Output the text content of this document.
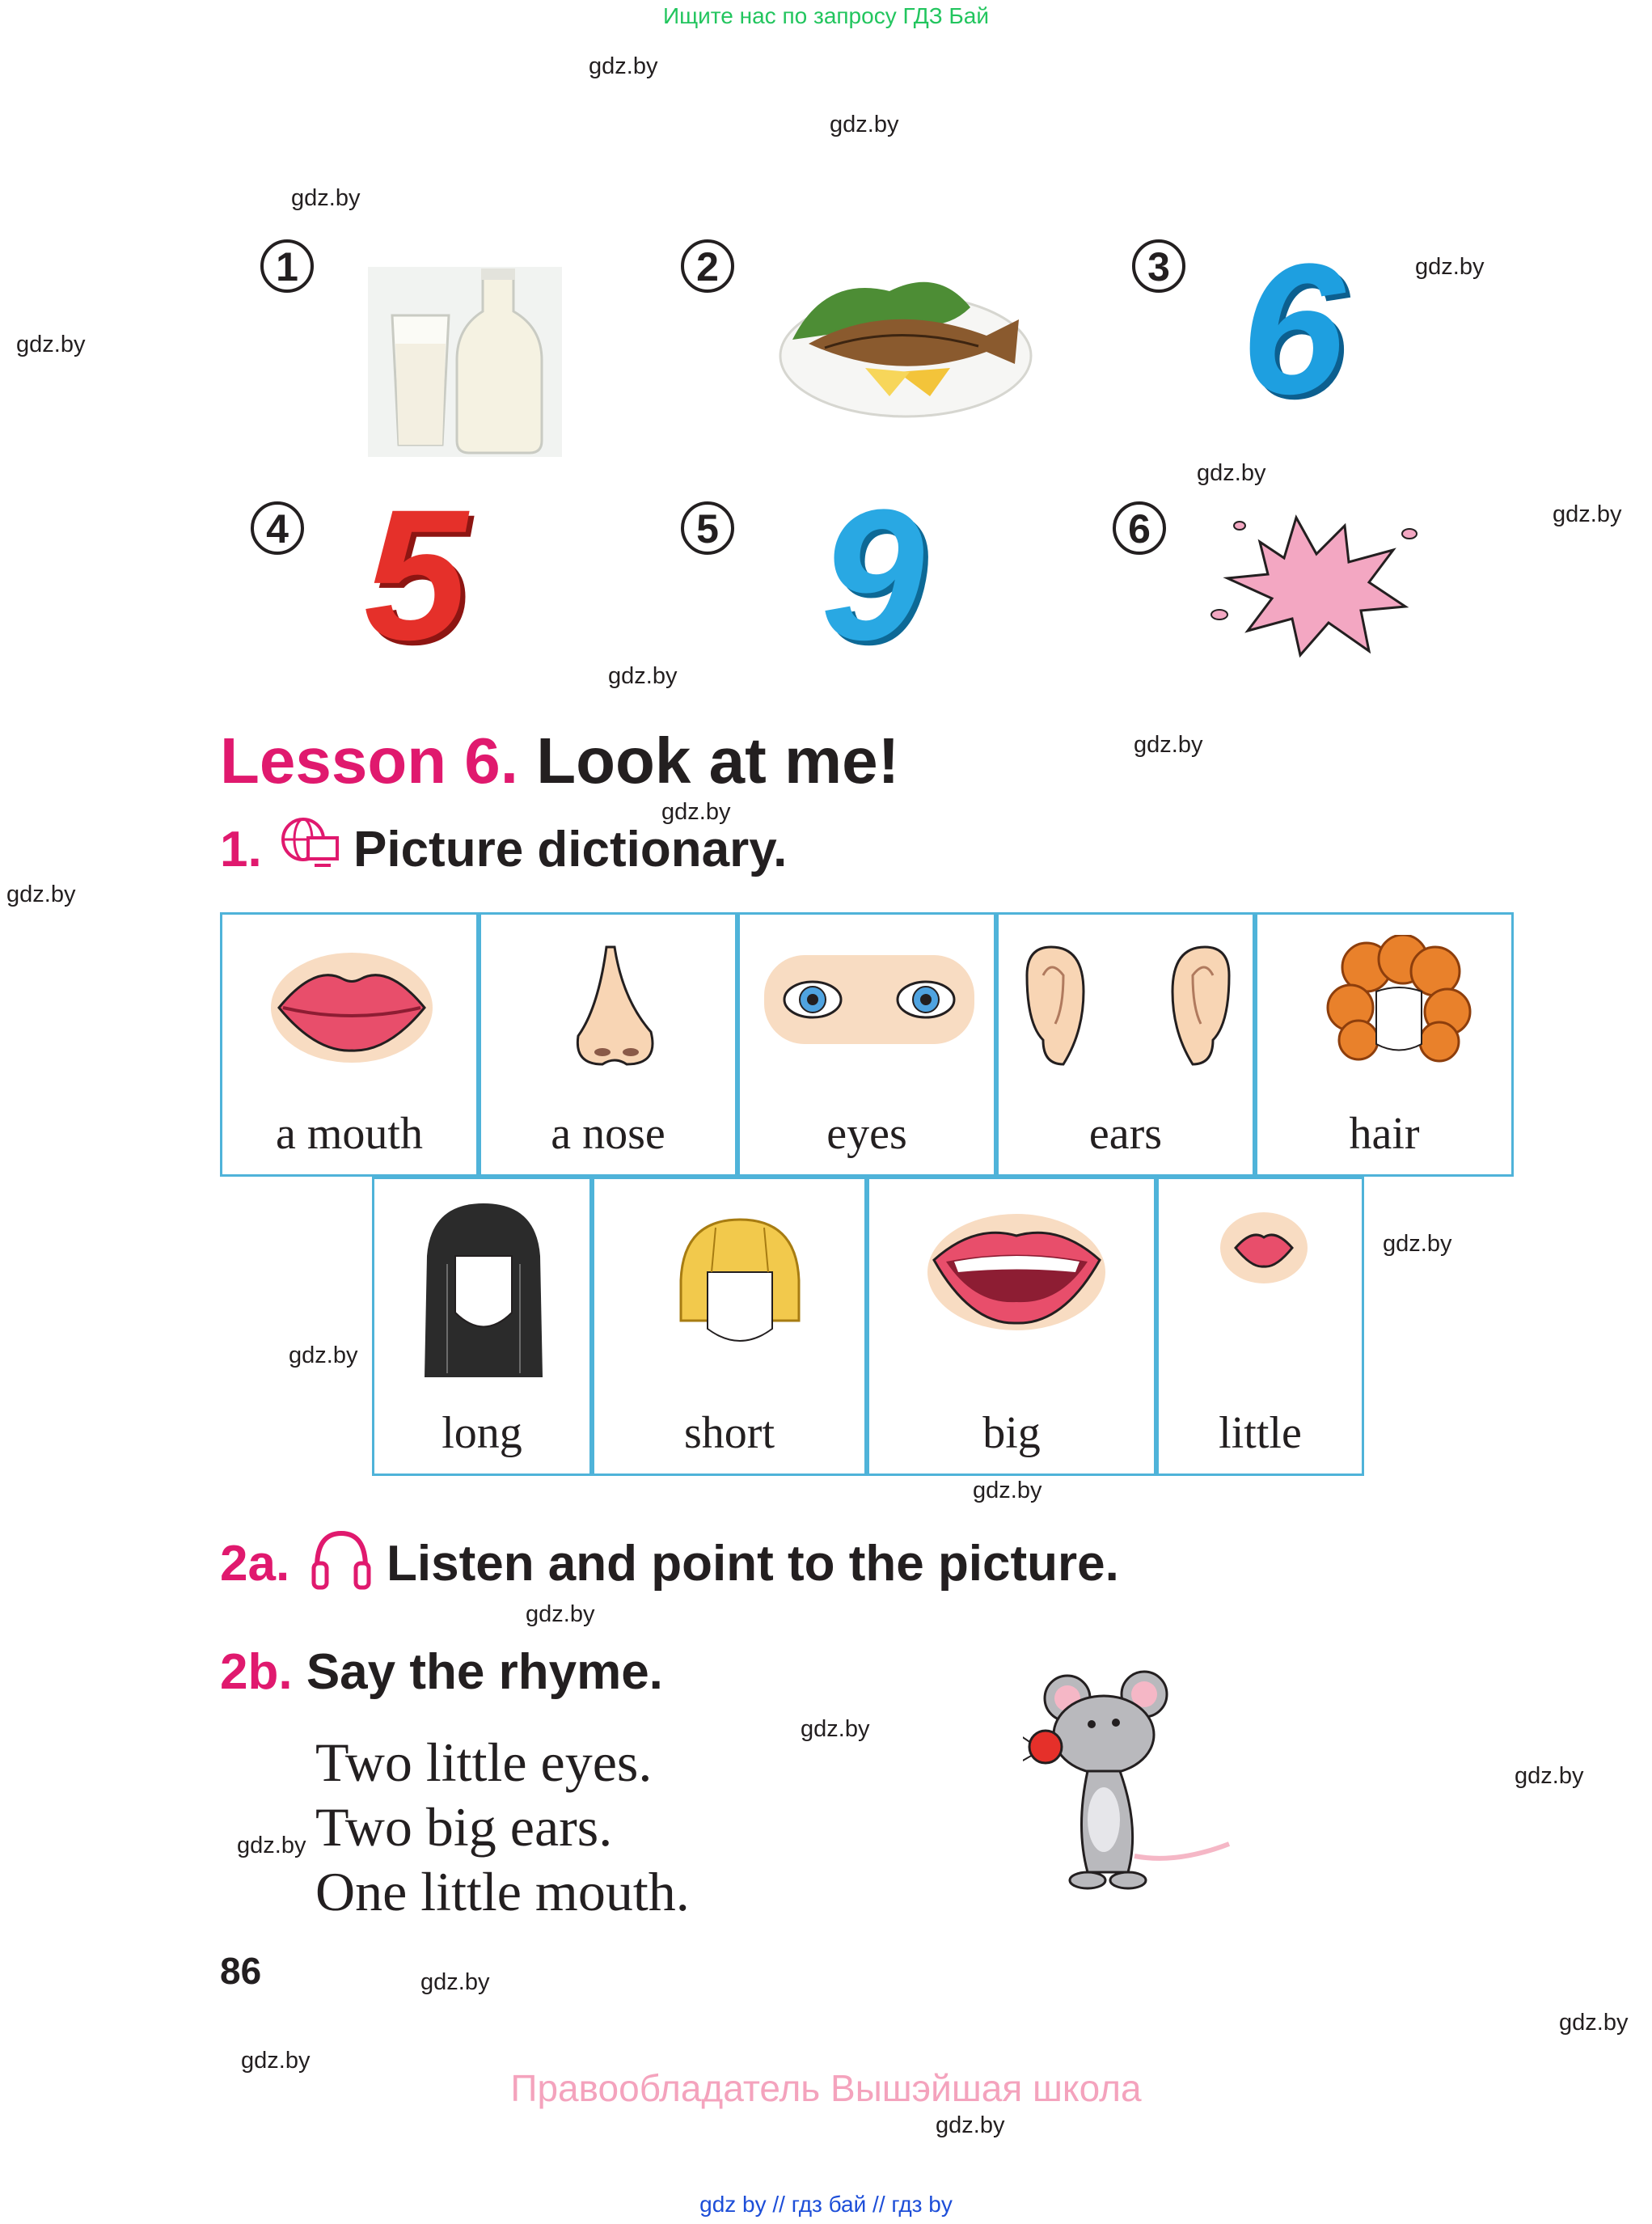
Ищите нас по запросу ГДЗ Бай
gdz.by
gdz.by
gdz.by
gdz.by
gdz.by
gdz.by
gdz.by
gdz.by
gdz.by
gdz.by
gdz.by
gdz.by
gdz.by
gdz.by
gdz.by
gdz.by
gdz.by
gdz.by
gdz.by
gdz.by
gdz.by
gdz.by
1	2	3
4	5	6
6
5 9
Lesson 6. Look at me!
1. Picture dictionary.
a mouth	a nose	eyes	ears	hair
long	short	big	little
2a. Listen and point to the picture.
2b. Say the rhyme.
Two little eyes.
Two big ears.
One little mouth.
86
Правообладатель Вышэйшая школа
gdz by // гдз бай // гдз by
